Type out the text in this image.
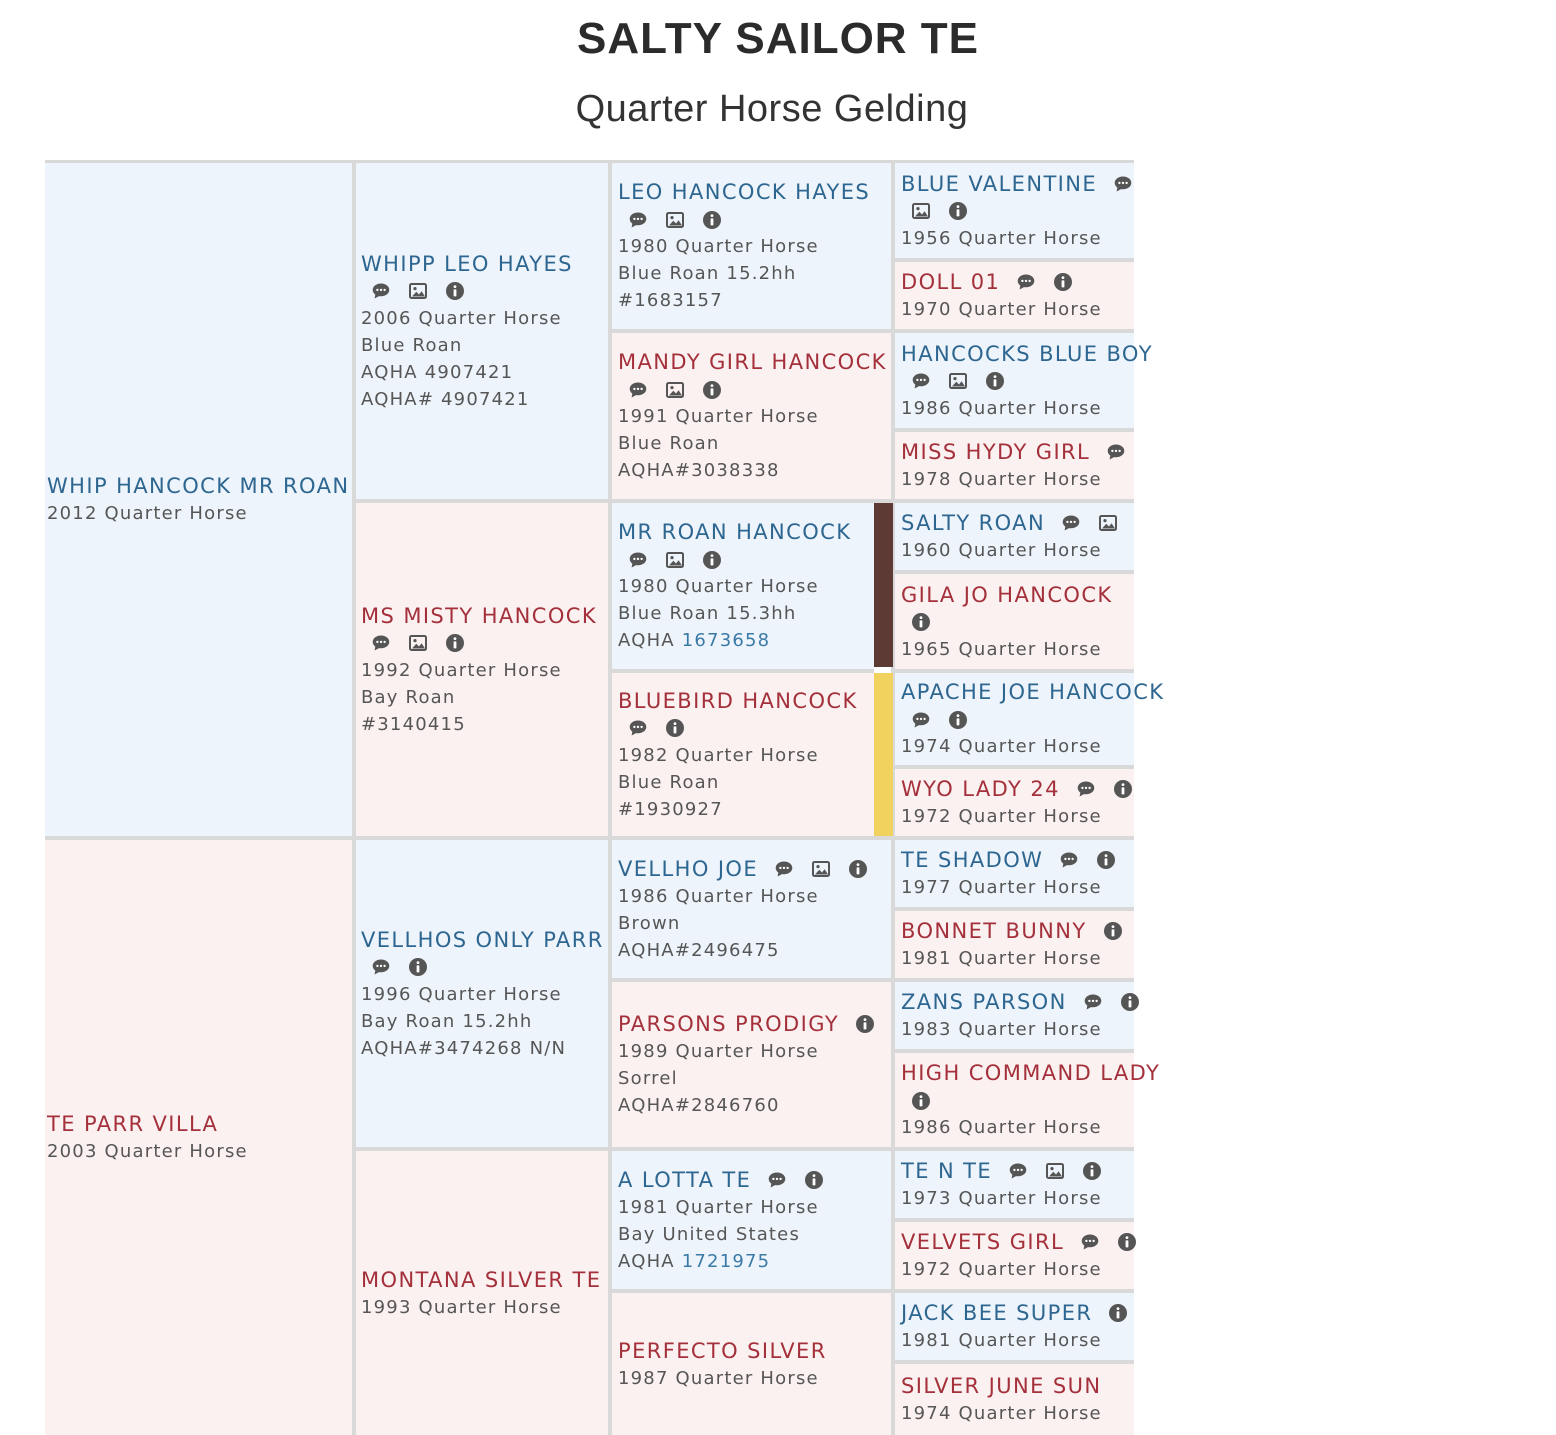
SALTY SAILOR TE
Quarter Horse Gelding
WHIP HANCOCK MR ROAN
2012 Quarter Horse
TE PARR VILLA
2003 Quarter Horse
WHIPP LEO HAYES
2006 Quarter Horse
Blue Roan
AQHA 4907421
AQHA# 4907421
MS MISTY HANCOCK
1992 Quarter Horse
Bay Roan
#3140415
VELLHOS ONLY PARR
1996 Quarter Horse
Bay Roan 15.2hh
AQHA#3474268 N/N
MONTANA SILVER TE
1993 Quarter Horse
LEO HANCOCK HAYES
1980 Quarter Horse
Blue Roan 15.2hh
#1683157
MANDY GIRL HANCOCK
1991 Quarter Horse
Blue Roan
AQHA#3038338
MR ROAN HANCOCK
1980 Quarter Horse
Blue Roan 15.3hh
AQHA 1673658
BLUEBIRD HANCOCK
1982 Quarter Horse
Blue Roan
#1930927
VELLHO JOE
1986 Quarter Horse
Brown
AQHA#2496475
PARSONS PRODIGY
1989 Quarter Horse
Sorrel
AQHA#2846760
A LOTTA TE
1981 Quarter Horse
Bay United States
AQHA 1721975
PERFECTO SILVER
1987 Quarter Horse
BLUE VALENTINE
1956 Quarter Horse
DOLL 01
1970 Quarter Horse
HANCOCKS BLUE BOY
1986 Quarter Horse
MISS HYDY GIRL
1978 Quarter Horse
SALTY ROAN
1960 Quarter Horse
GILA JO HANCOCK
1965 Quarter Horse
APACHE JOE HANCOCK
1974 Quarter Horse
WYO LADY 24
1972 Quarter Horse
TE SHADOW
1977 Quarter Horse
BONNET BUNNY
1981 Quarter Horse
ZANS PARSON
1983 Quarter Horse
HIGH COMMAND LADY
1986 Quarter Horse
TE N TE
1973 Quarter Horse
VELVETS GIRL
1972 Quarter Horse
JACK BEE SUPER
1981 Quarter Horse
SILVER JUNE SUN
1974 Quarter Horse
